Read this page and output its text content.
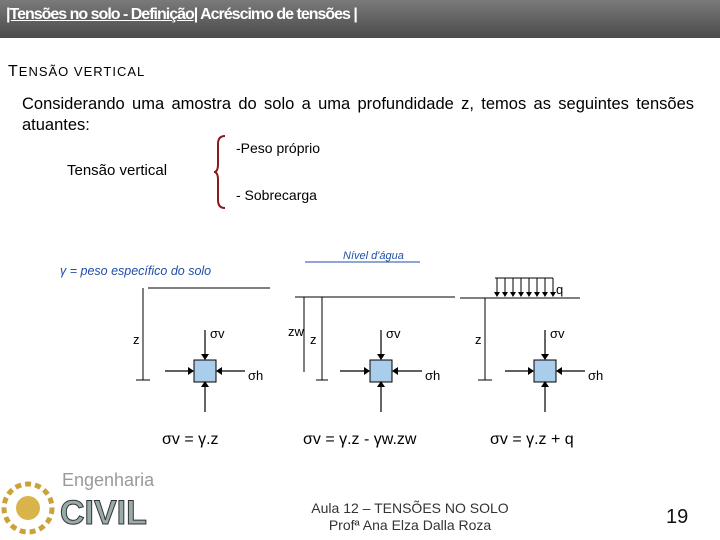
|Tensões no solo - Definição| Acréscimo de tensões |
TENSÃO VERTICAL
Considerando uma amostra do solo a uma profundidade z, temos as seguintes tensões atuantes:
Tensão vertical
-Peso próprio
- Sobrecarga
γ = peso específico do solo
z	σv
σh
σv = γ.z
Nível d'água
zw
z	σv
σh
σv = γ.z - γw.zw
q
z	σv
σh
σv = γ.z + q
Engenharia
CIVIL	Aula 12 – TENSÕES NO SOLO
Profª Ana Elza Dalla Roza	19
